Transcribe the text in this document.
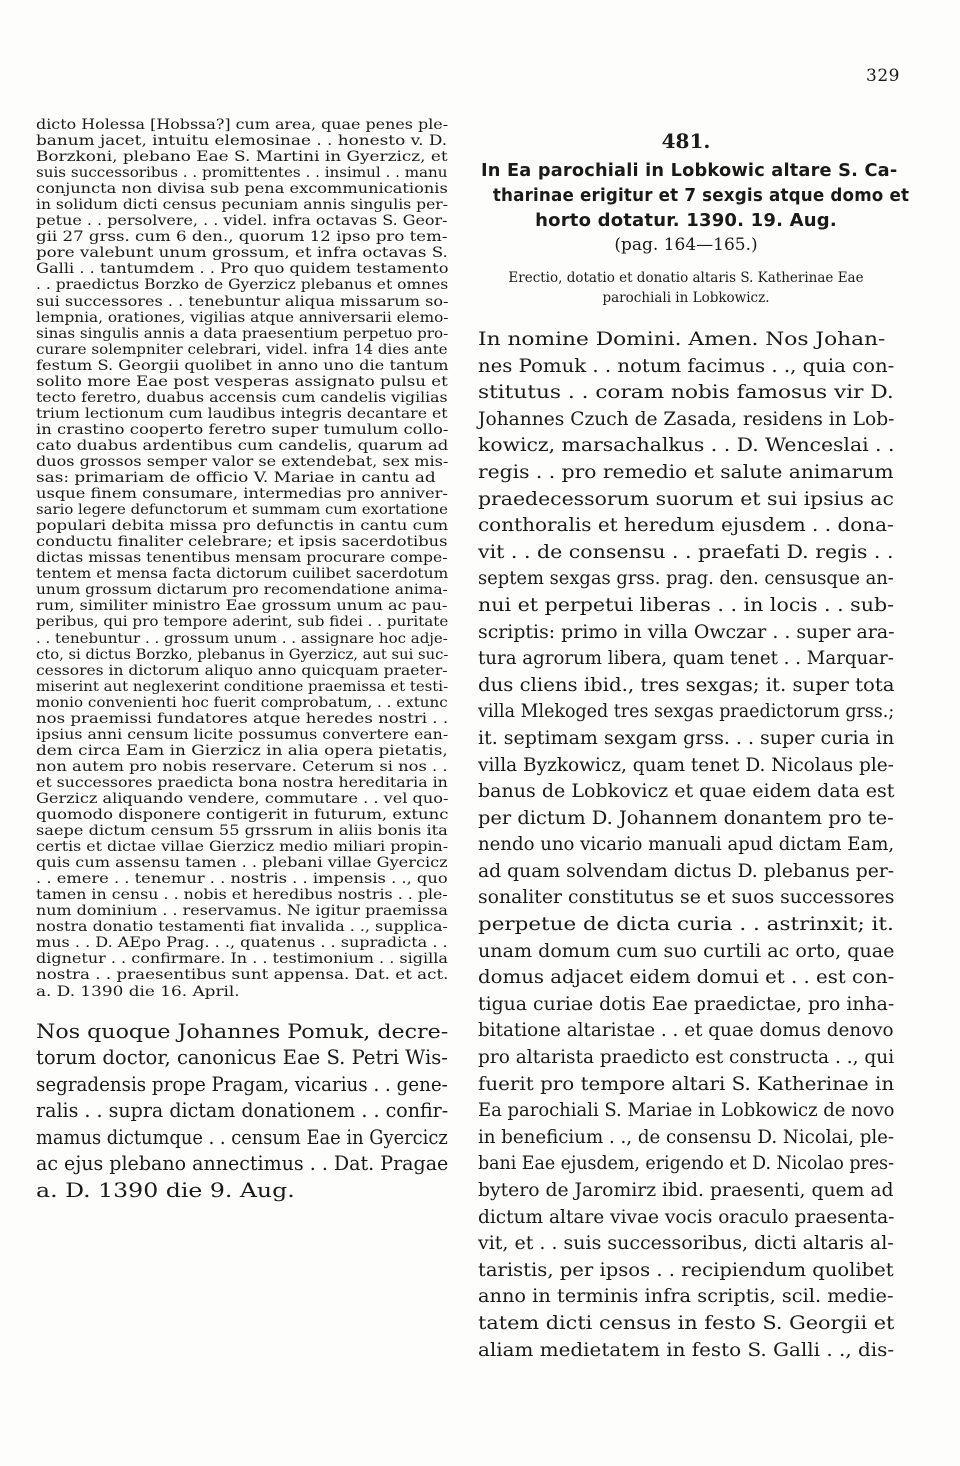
329
dicto Holessa [Hobssa?] cum area, quae penes ple-
banum jacet, intuitu elemosinae . . honesto v. D.
Borzkoni, plebano Eae S. Martini in Gyerzicz, et
suis successoribus . . promittentes . . insimul . . manu
conjuncta non divisa sub pena excommunicationis
in solidum dicti census pecuniam annis singulis per-
petue . . persolvere, . . videl. infra octavas S. Geor-
gii 27 grss. cum 6 den., quorum 12 ipso pro tem-
pore valebunt unum grossum, et infra octavas S.
Galli . . tantumdem . . Pro quo quidem testamento
. . praedictus Borzko de Gyerzicz plebanus et omnes
sui successores . . tenebuntur aliqua missarum so-
lempnia, orationes, vigilias atque anniversarii elemo-
sinas singulis annis a data praesentium perpetuo pro-
curare solempniter celebrari, videl. infra 14 dies ante
festum S. Georgii quolibet in anno uno die tantum
solito more Eae post vesperas assignato pulsu et
tecto feretro, duabus accensis cum candelis vigilias
trium lectionum cum laudibus integris decantare et
in crastino cooperto feretro super tumulum collo-
cato duabus ardentibus cum candelis, quarum ad
duos grossos semper valor se extendebat, sex mis-
sas: primariam de officio V. Mariae in cantu ad
usque finem consumare, intermedias pro anniver-
sario legere defunctorum et summam cum exortatione
populari debita missa pro defunctis in cantu cum
conductu finaliter celebrare; et ipsis sacerdotibus
dictas missas tenentibus mensam procurare compe-
tentem et mensa facta dictorum cuilibet sacerdotum
unum grossum dictarum pro recomendatione anima-
rum, similiter ministro Eae grossum unum ac pau-
peribus, qui pro tempore aderint, sub fidei . . puritate
. . tenebuntur . . grossum unum . . assignare hoc adje-
cto, si dictus Borzko, plebanus in Gyerzicz, aut sui suc-
cessores in dictorum aliquo anno quicquam praeter-
miserint aut neglexerint conditione praemissa et testi-
monio convenienti hoc fuerit comprobatum, . . extunc
nos praemissi fundatores atque heredes nostri . .
ipsius anni censum licite possumus convertere ean-
dem circa Eam in Gierzicz in alia opera pietatis,
non autem pro nobis reservare. Ceterum si nos . .
et successores praedicta bona nostra hereditaria in
Gerzicz aliquando vendere, commutare . . vel quo-
quomodo disponere contigerit in futurum, extunc
saepe dictum censum 55 grssrum in aliis bonis ita
certis et dictae villae Gierzicz medio miliari propin-
quis cum assensu tamen . . plebani villae Gyercicz
. . emere . . tenemur . . nostris . . impensis . ., quo
tamen in censu . . nobis et heredibus nostris . . ple-
num dominium . . reservamus. Ne igitur praemissa
nostra donatio testamenti fiat invalida . ., supplica-
mus . . D. AEpo Prag. . ., quatenus . . supradicta . .
dignetur . . confirmare. In . . testimonium . . sigilla
nostra . . praesentibus sunt appensa. Dat. et act.
a. D. 1390 die 16. April.
Nos quoque Johannes Pomuk, decre-
torum doctor, canonicus Eae S. Petri Wis-
segradensis prope Pragam, vicarius . . gene-
ralis . . supra dictam donationem . . confir-
mamus dictumque . . censum Eae in Gyercicz
ac ejus plebano annectimus . . Dat. Pragae
a. D. 1390 die 9. Aug.
481.
In Ea parochiali in Lobkowic altare S. Ca-
tharinae erigitur et 7 sexgis atque domo et
horto dotatur. 1390. 19. Aug.
(pag. 164—165.)
Erectio, dotatio et donatio altaris S. Katherinae Eae
parochiali in Lobkowicz.
In nomine Domini. Amen. Nos Johan-
nes Pomuk . . notum facimus . ., quia con-
stitutus . . coram nobis famosus vir D.
Johannes Czuch de Zasada, residens in Lob-
kowicz, marsachalkus . . D. Wenceslai . .
regis . . pro remedio et salute animarum
praedecessorum suorum et sui ipsius ac
conthoralis et heredum ejusdem . . dona-
vit . . de consensu . . praefati D. regis . .
septem sexgas grss. prag. den. censusque an-
nui et perpetui liberas . . in locis . . sub-
scriptis: primo in villa Owczar . . super ara-
tura agrorum libera, quam tenet . . Marquar-
dus cliens ibid., tres sexgas; it. super tota
villa Mlekoged tres sexgas praedictorum grss.;
it. septimam sexgam grss. . . super curia in
villa Byzkowicz, quam tenet D. Nicolaus ple-
banus de Lobkovicz et quae eidem data est
per dictum D. Johannem donantem pro te-
nendo uno vicario manuali apud dictam Eam,
ad quam solvendam dictus D. plebanus per-
sonaliter constitutus se et suos successores
perpetue de dicta curia . . astrinxit; it.
unam domum cum suo curtili ac orto, quae
domus adjacet eidem domui et . . est con-
tigua curiae dotis Eae praedictae, pro inha-
bitatione altaristae . . et quae domus denovo
pro altarista praedicto est constructa . ., qui
fuerit pro tempore altari S. Katherinae in
Ea parochiali S. Mariae in Lobkowicz de novo
in beneficium . ., de consensu D. Nicolai, ple-
bani Eae ejusdem, erigendo et D. Nicolao pres-
bytero de Jaromirz ibid. praesenti, quem ad
dictum altare vivae vocis oraculo praesenta-
vit, et . . suis successoribus, dicti altaris al-
taristis, per ipsos . . recipiendum quolibet
anno in terminis infra scriptis, scil. medie-
tatem dicti census in festo S. Georgii et
aliam medietatem in festo S. Galli . ., dis-
